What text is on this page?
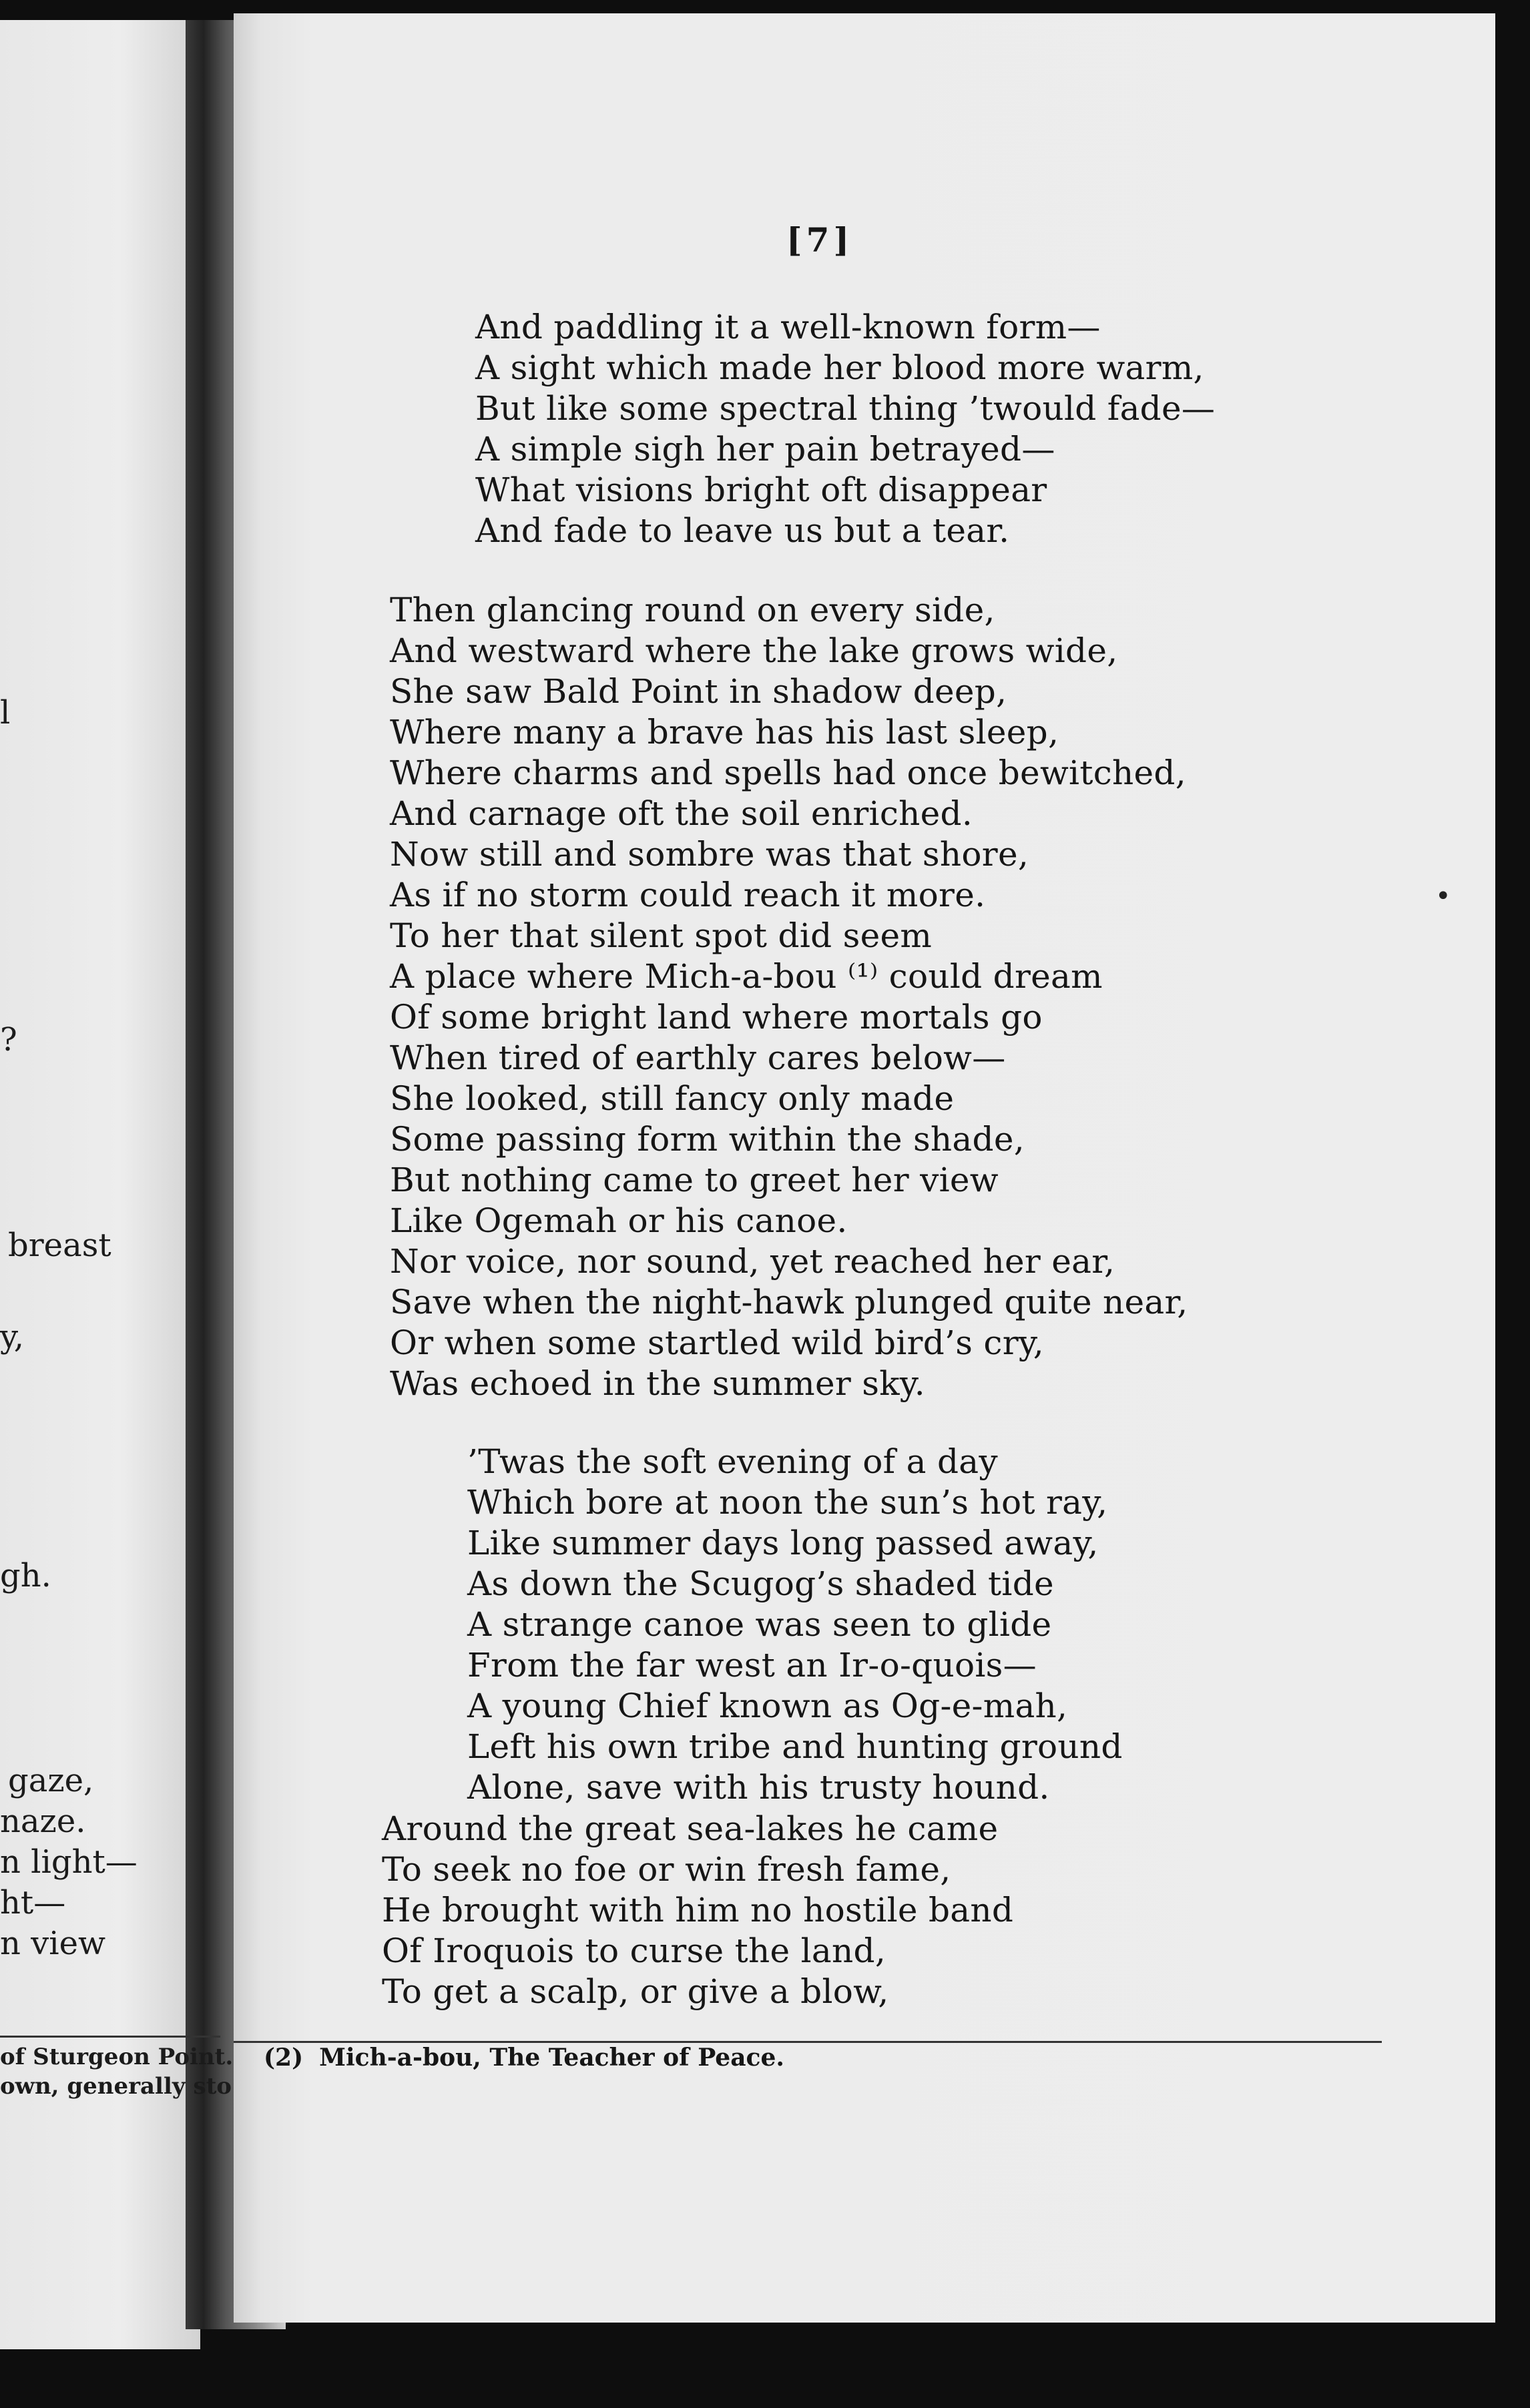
[7]
And paddling it a well-known form—
A sight which made her blood more warm,
But like some spectral thing ’twould fade—
A simple sigh her pain betrayed—
What visions bright oft disappear
And fade to leave us but a tear.
Then glancing round on every side,
And westward where the lake grows wide,
She saw Bald Point in shadow deep,
Where many a brave has his last sleep,
Where charms and spells had once bewitched,
And carnage oft the soil enriched.
Now still and sombre was that shore,
As if no storm could reach it more.
To her that silent spot did seem
A place where Mich-a-bou ⁽¹⁾ could dream
Of some bright land where mortals go
When tired of earthly cares below—
She looked, still fancy only made
Some passing form within the shade,
But nothing came to greet her view
Like Ogemah or his canoe.
Nor voice, nor sound, yet reached her ear,
Save when the night-hawk plunged quite near,
Or when some startled wild bird’s cry,
Was echoed in the summer sky.
’Twas the soft evening of a day
Which bore at noon the sun’s hot ray,
Like summer days long passed away,
As down the Scugog’s shaded tide
A strange canoe was seen to glide
From the far west an Ir-o-quois—
A young Chief known as Og-e-mah,
Left his own tribe and hunting ground
Alone, save with his trusty hound.
Around the great sea-lakes he came
To seek no foe or win fresh fame,
He brought with him no hostile band
Of Iroquois to curse the land,
To get a scalp, or give a blow,
(2) Mich-a-bou, The Teacher of Peace.
l
?
breast
y,
gh.
gaze,
naze.
n light—
ht—
n view
of Sturgeon Point.
own, generally sto
•
